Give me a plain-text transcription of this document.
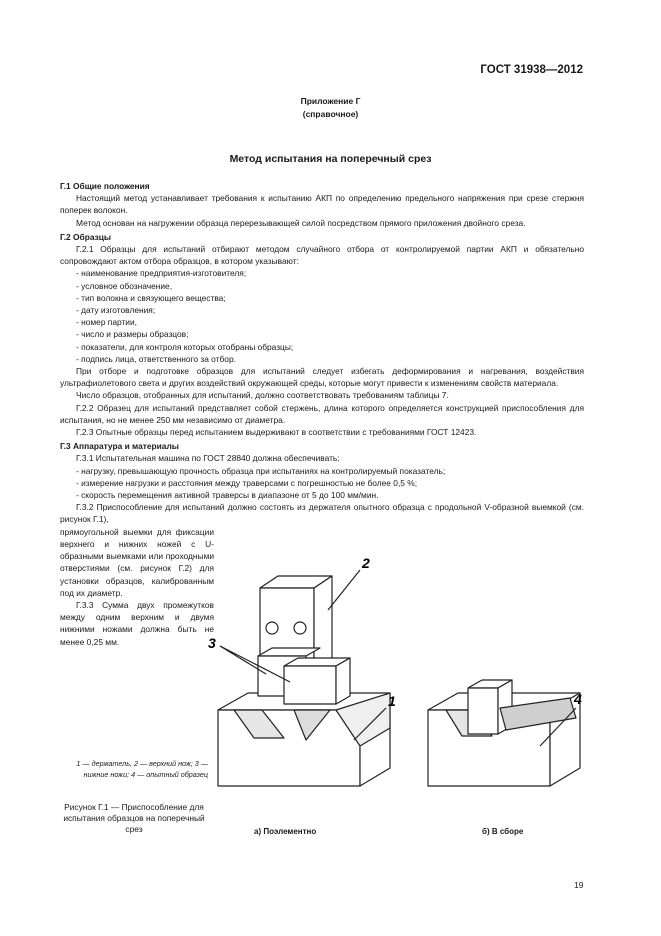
ГОСТ 31938—2012
Приложение Г
(справочное)
Метод испытания на поперечный срез

Г.1 Общие положения

Настоящий метод устанавливает требования к испытанию АКП по определению предельного напряжения при срезе стержня поперек волокон.

Метод основан на нагружении образца перерезывающей силой посредством прямого приложения двойного среза.

Г.2 Образцы

Г.2.1 Образцы для испытаний отбирают методом случайного отбора от контролируемой партии АКП и обязательно сопровождают актом отбора образцов, в котором указывают:

- наименование предприятия-изготовителя;

- условное обозначение,

- тип волокна и связующего вещества;

- дату изготовления;

- номер партии,

- число и размеры образцов;

- показатели, для контроля которых отобраны образцы;

- подпись лица, ответственного за отбор.

При отборе и подготовке образцов для испытаний следует избегать деформирования и нагревания, воздействия ультрафиолетового света и других воздействий окружающей среды, которые могут привести к изменениям свойств материала.

Число образцов, отобранных для испытаний, должно соответствовать требованиям таблицы 7.

Г.2.2 Образец для испытаний представляет собой стержень, длина которого определяется конструкцией приспособления для испытания, но не менее 250 мм независимо от диаметра.

Г.2.3 Опытные образцы перед испытанием выдерживают в соответствии с требованиями ГОСТ 12423.

Г.3 Аппаратура и материалы

Г.3.1 Испытательная машина по ГОСТ 28840 должна обеспечивать:

- нагрузку, превышающую прочность образца при испытаниях на контролируемый показатель;

- измерение нагрузки и расстояния между траверсами с погрешностью не более 0,5 %;

- скорость перемещения активной траверсы в диапазоне от 5 до 100 мм/мин.

Г.3.2 Приспособление для испытаний должно состоять из держателя опытного образца с продольной V-образной выемкой (см. рисунок Г.1),

прямоугольной выемки для фиксации верхнего и нижних ножей с U-образными выемками или проходными отверстиями (см. рисунок Г.2) для установки образцов, калиброванным под их диаметр.

Г.3.3 Сумма двух промежутков между одним верхним и двумя нижними ножами должна быть не менее 0,25 мм.

2
3
1	4
1 — держатель, 2 — верхний нож; 3 — нижние ножи; 4 — опытный образец
Рисунок Г.1 — Приспособление для испытания образцов на поперечный срез	а) Поэлементно	б) В сборе
19
